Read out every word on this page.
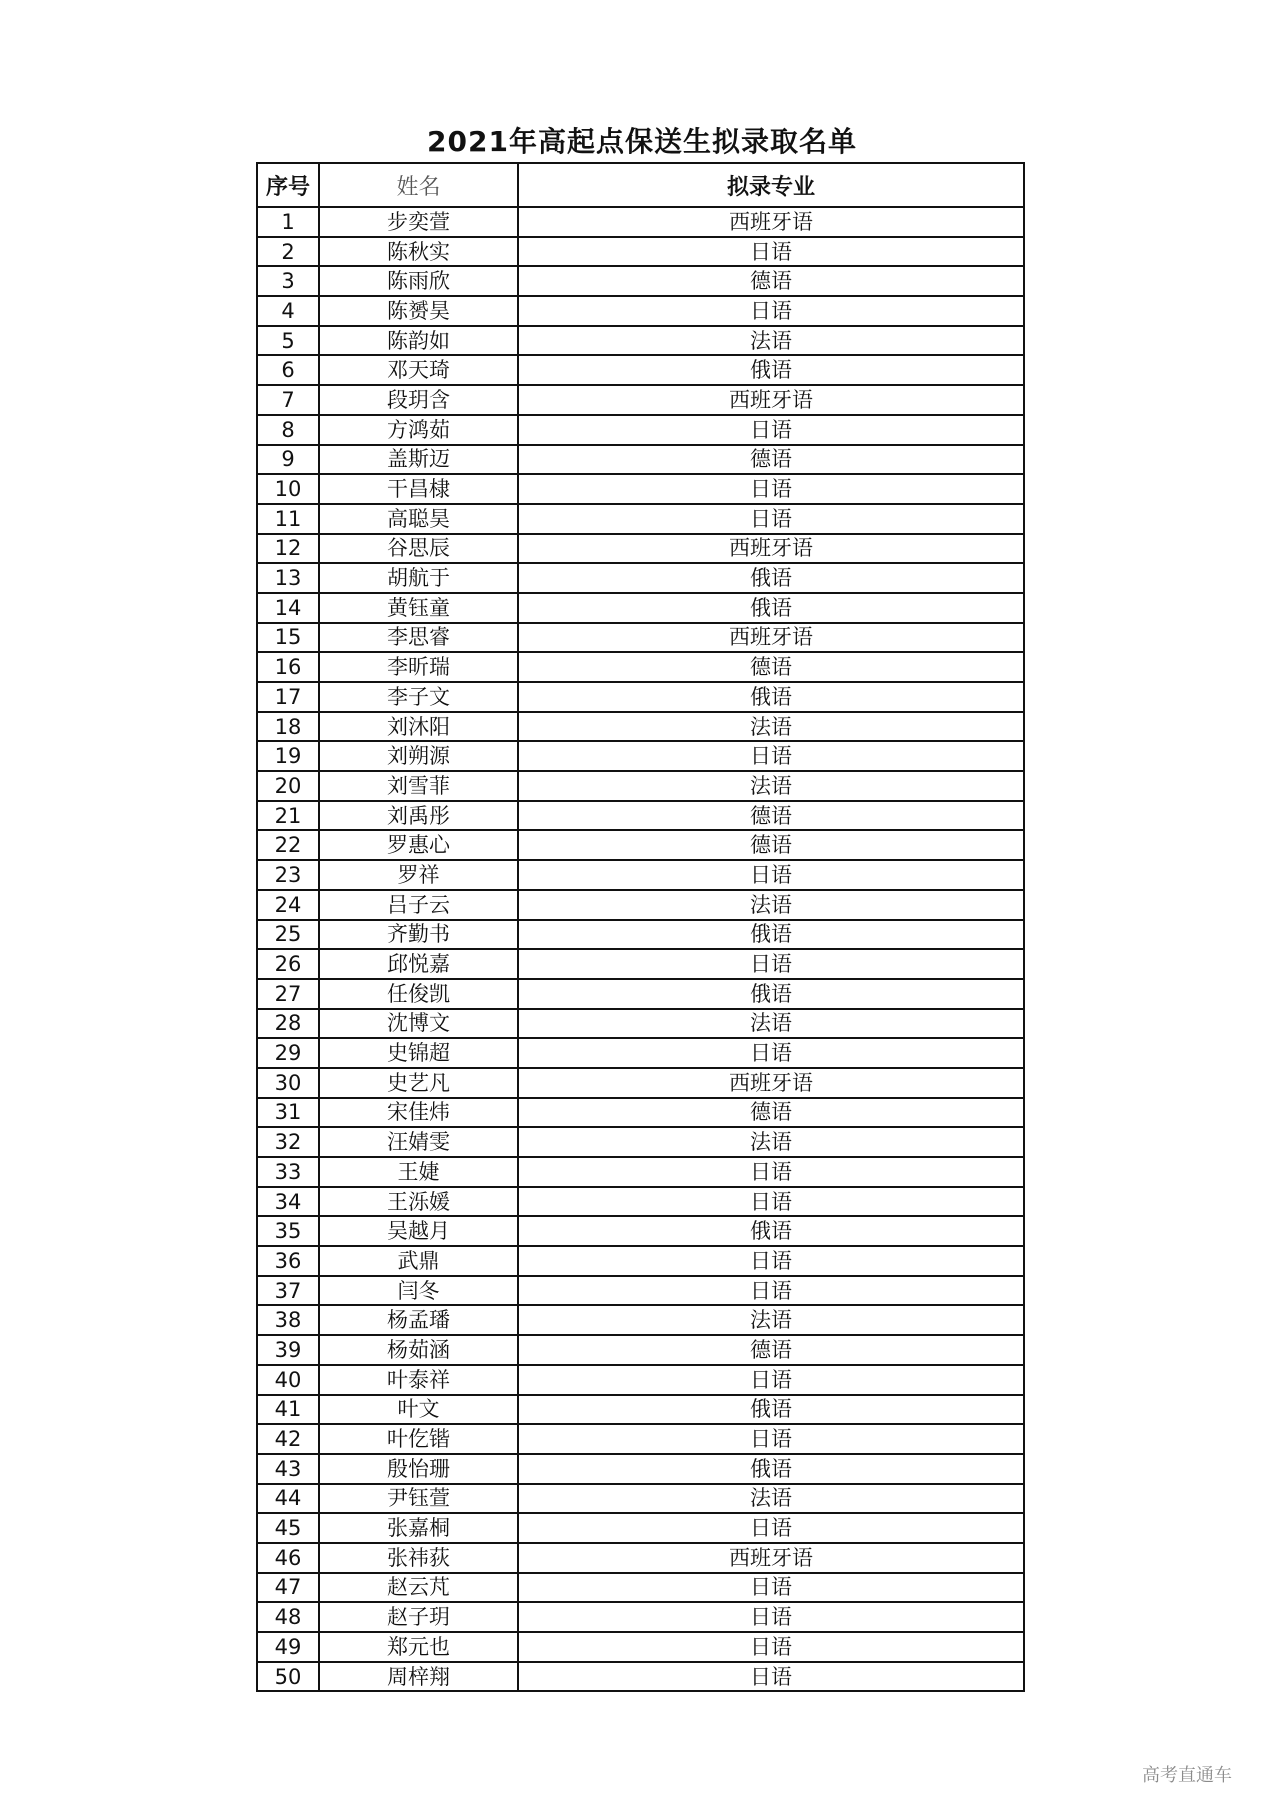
2021年高起点保送生拟录取名单
序号	姓名	拟录专业
1	步奕萱	西班牙语
2	陈秋实	日语
3	陈雨欣	德语
4	陈赟昊	日语
5	陈韵如	法语
6	邓天琦	俄语
7	段玥含	西班牙语
8	方鸿茹	日语
9	盖斯迈	德语
10	干昌棣	日语
11	高聪昊	日语
12	谷思辰	西班牙语
13	胡航于	俄语
14	黄钰童	俄语
15	李思睿	西班牙语
16	李昕瑞	德语
17	李子文	俄语
18	刘沐阳	法语
19	刘朔源	日语
20	刘雪菲	法语
21	刘禹彤	德语
22	罗惠心	德语
23	罗祥	日语
24	吕子云	法语
25	齐勤书	俄语
26	邱悦嘉	日语
27	任俊凯	俄语
28	沈博文	法语
29	史锦超	日语
30	史艺凡	西班牙语
31	宋佳炜	德语
32	汪婧雯	法语
33	王婕	日语
34	王泺媛	日语
35	吴越月	俄语
36	武鼎	日语
37	闫冬	日语
38	杨孟璠	法语
39	杨茹涵	德语
40	叶泰祥	日语
41	叶文	俄语
42	叶仡锴	日语
43	殷怡珊	俄语
44	尹钰萱	法语
45	张嘉桐	日语
46	张祎荻	西班牙语
47	赵云芃	日语
48	赵子玥	日语
49	郑元也	日语
50	周梓翔	日语
高考直通车
